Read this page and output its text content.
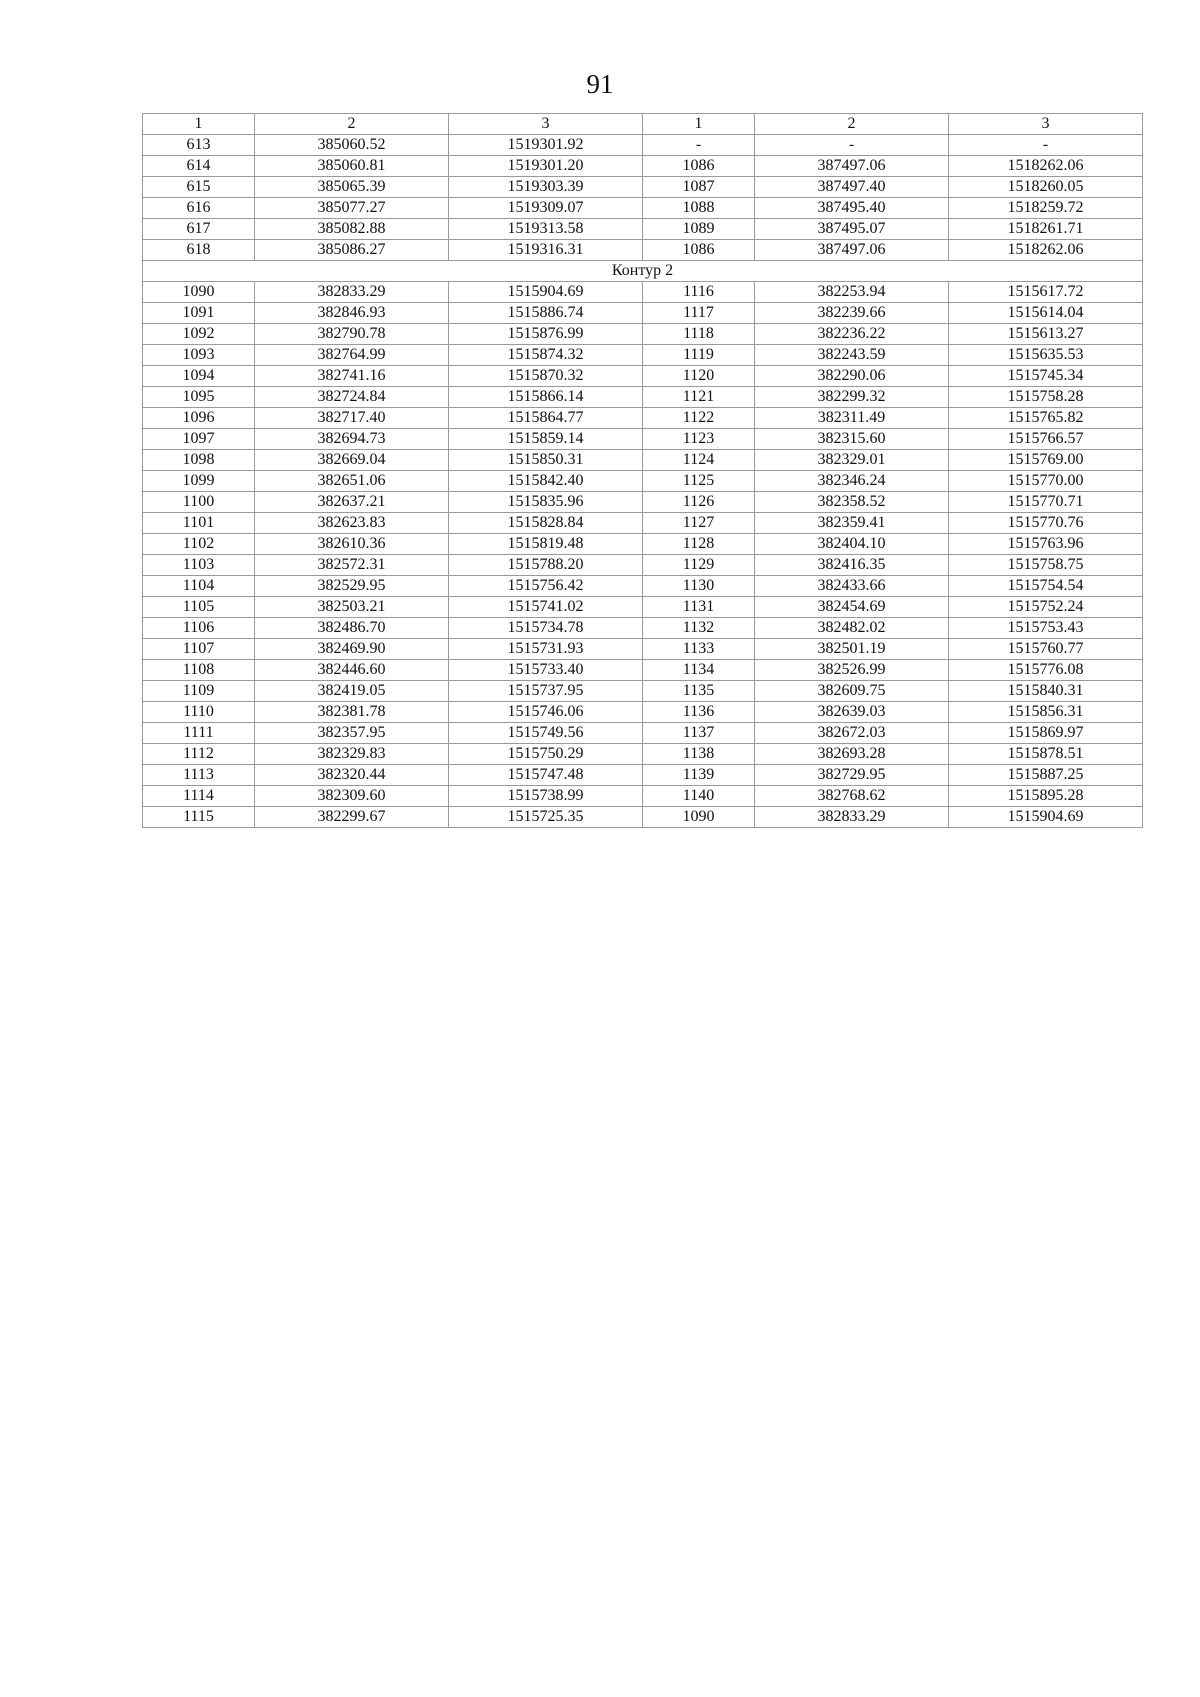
91
1	2	3	1	2	3
613	385060.52	1519301.92	-	-	-
614	385060.81	1519301.20	1086	387497.06	1518262.06
615	385065.39	1519303.39	1087	387497.40	1518260.05
616	385077.27	1519309.07	1088	387495.40	1518259.72
617	385082.88	1519313.58	1089	387495.07	1518261.71
618	385086.27	1519316.31	1086	387497.06	1518262.06
Контур 2					
1090	382833.29	1515904.69	1116	382253.94	1515617.72
1091	382846.93	1515886.74	1117	382239.66	1515614.04
1092	382790.78	1515876.99	1118	382236.22	1515613.27
1093	382764.99	1515874.32	1119	382243.59	1515635.53
1094	382741.16	1515870.32	1120	382290.06	1515745.34
1095	382724.84	1515866.14	1121	382299.32	1515758.28
1096	382717.40	1515864.77	1122	382311.49	1515765.82
1097	382694.73	1515859.14	1123	382315.60	1515766.57
1098	382669.04	1515850.31	1124	382329.01	1515769.00
1099	382651.06	1515842.40	1125	382346.24	1515770.00
1100	382637.21	1515835.96	1126	382358.52	1515770.71
1101	382623.83	1515828.84	1127	382359.41	1515770.76
1102	382610.36	1515819.48	1128	382404.10	1515763.96
1103	382572.31	1515788.20	1129	382416.35	1515758.75
1104	382529.95	1515756.42	1130	382433.66	1515754.54
1105	382503.21	1515741.02	1131	382454.69	1515752.24
1106	382486.70	1515734.78	1132	382482.02	1515753.43
1107	382469.90	1515731.93	1133	382501.19	1515760.77
1108	382446.60	1515733.40	1134	382526.99	1515776.08
1109	382419.05	1515737.95	1135	382609.75	1515840.31
1110	382381.78	1515746.06	1136	382639.03	1515856.31
1111	382357.95	1515749.56	1137	382672.03	1515869.97
1112	382329.83	1515750.29	1138	382693.28	1515878.51
1113	382320.44	1515747.48	1139	382729.95	1515887.25
1114	382309.60	1515738.99	1140	382768.62	1515895.28
1115	382299.67	1515725.35	1090	382833.29	1515904.69
